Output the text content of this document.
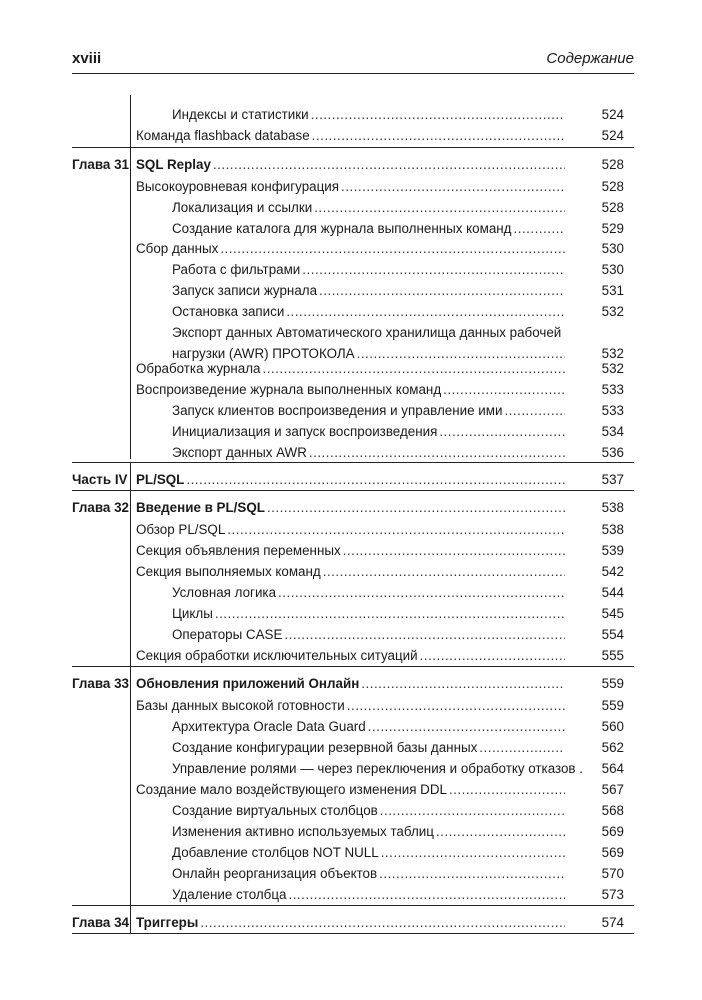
xviii	Содержание
Индексы и статистики .....	524
Команда flashback database .....	524
Глава 31 SQL Replay .....	528
Высокоуровневая конфигурация .....	528
Локализация и ссылки .....	528
Создание каталога для журнала выполненных команд .....	529
Сбор данных .....	530
Работа с фильтрами .....	530
Запуск записи журнала .....	531
Остановка записи .....	532
Экспорт данных Автоматического хранилища данных рабочей
нагрузки (AWR) ПРОТОКОЛА .....	532
Обработка журнала .....	532
Воспроизведение журнала выполненных команд .....	533
Запуск клиентов воспроизведения и управление ими .....	533
Инициализация и запуск воспроизведения .....	534
Экспорт данных AWR .....	536
Часть IV PL/SQL .....	537
Глава 32 Введение в PL/SQL .....	538
Обзор PL/SQL .....	538
Секция объявления переменных .....	539
Секция выполняемых команд .....	542
Условная логика .....	544
Циклы .....	545
Операторы CASE .....	554
Секция обработки исключительных ситуаций .....	555
Глава 33 Обновления приложений Онлайн .....	559
Базы данных высокой готовности .....	559
Архитектура Oracle Data Guard .....	560
Создание конфигурации резервной базы данных .....	562
Управление ролями — через переключения и обработку отказов . 564
Создание мало воздействующего изменения DDL .....	567
Создание виртуальных столбцов .....	568
Изменения активно используемых таблиц .....	569
Добавление столбцов NOT NULL .....	569
Онлайн реорганизация объектов .....	570
Удаление столбца .....	573
Глава 34 Триггеры .....	574
